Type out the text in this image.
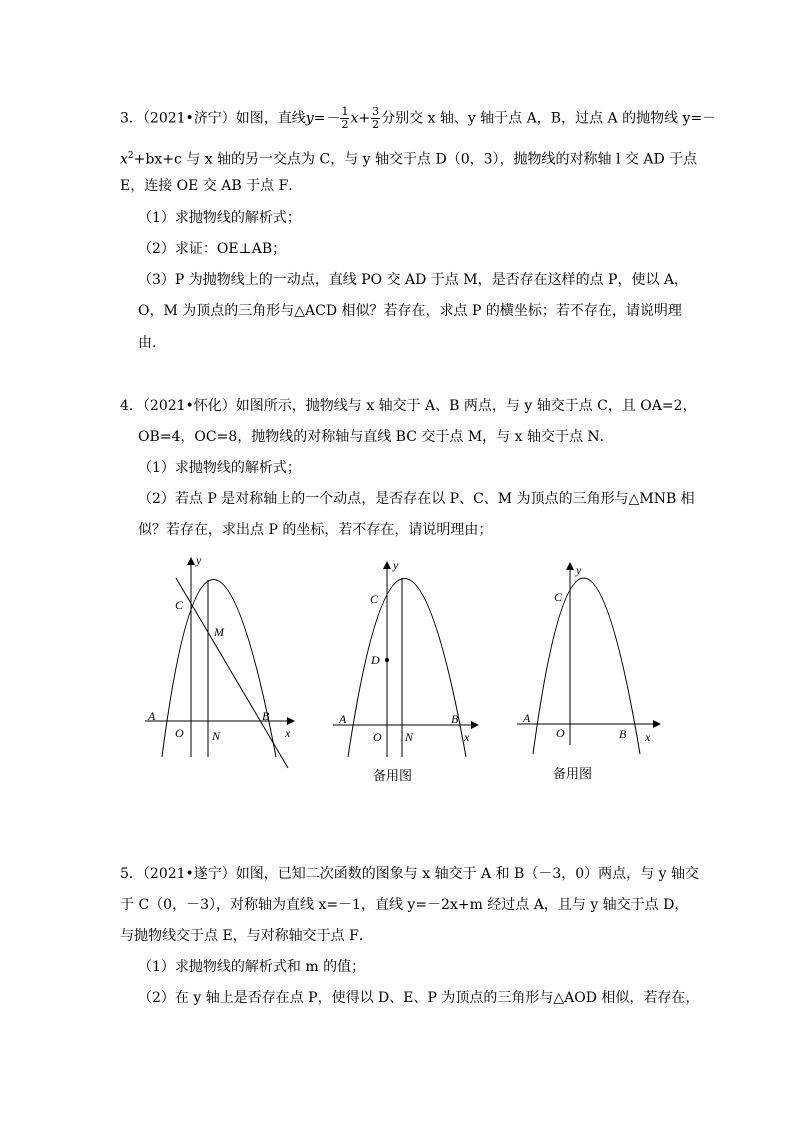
3．（2021•济宁）如图，直线$y=- \frac{1}{2} x+ \frac{3}{2}$ 分别交 x 轴、y 轴于点 A，B，过点 A 的抛物线 y=－
$x^2+bx+c$ 与 x 轴的另一交点为 C，与 y 轴交于点 D（0，3），抛物线的对称轴 l 交 AD 于点
E，连接 OE 交 AB 于点 F．
（1）求抛物线的解析式；
（2）求证：OE⊥AB；
（3）P 为抛物线上的一动点，直线 PO 交 AD 于点 M，是否存在这样的点 P，使以 A，
O，M 为顶点的三角形与△ACD 相似？若存在，求点 P 的横坐标；若不存在，请说明理
由．
4．（2021•怀化）如图所示，抛物线与 x 轴交于 A、B 两点，与 y 轴交于点 C，且 OA=2，
OB=4，OC=8，抛物线的对称轴与直线 BC 交于点 M，与 x 轴交于点 N．
（1）求抛物线的解析式；
（2）若点 P 是对称轴上的一个动点，是否存在以 P、C、M 为顶点的三角形与△MNB 相
似？若存在，求出点 P 的坐标，若不存在，请说明理由；
y
x
C
M
A	B
O N
y
x
C
D
A	B
O N
y
x
C
A
B
O
备用图	备用图
5．（2021•遂宁）如图，已知二次函数的图象与 x 轴交于 A 和 B（－3，0）两点，与 y 轴交
于 C（0，－3），对称轴为直线 x=－1，直线 y=－2x+m 经过点 A，且与 y 轴交于点 D，
与抛物线交于点 E，与对称轴交于点 F．
（1）求抛物线的解析式和 m 的值；
（2）在 y 轴上是否存在点 P，使得以 D、E、P 为顶点的三角形与△AOD 相似，若存在，
